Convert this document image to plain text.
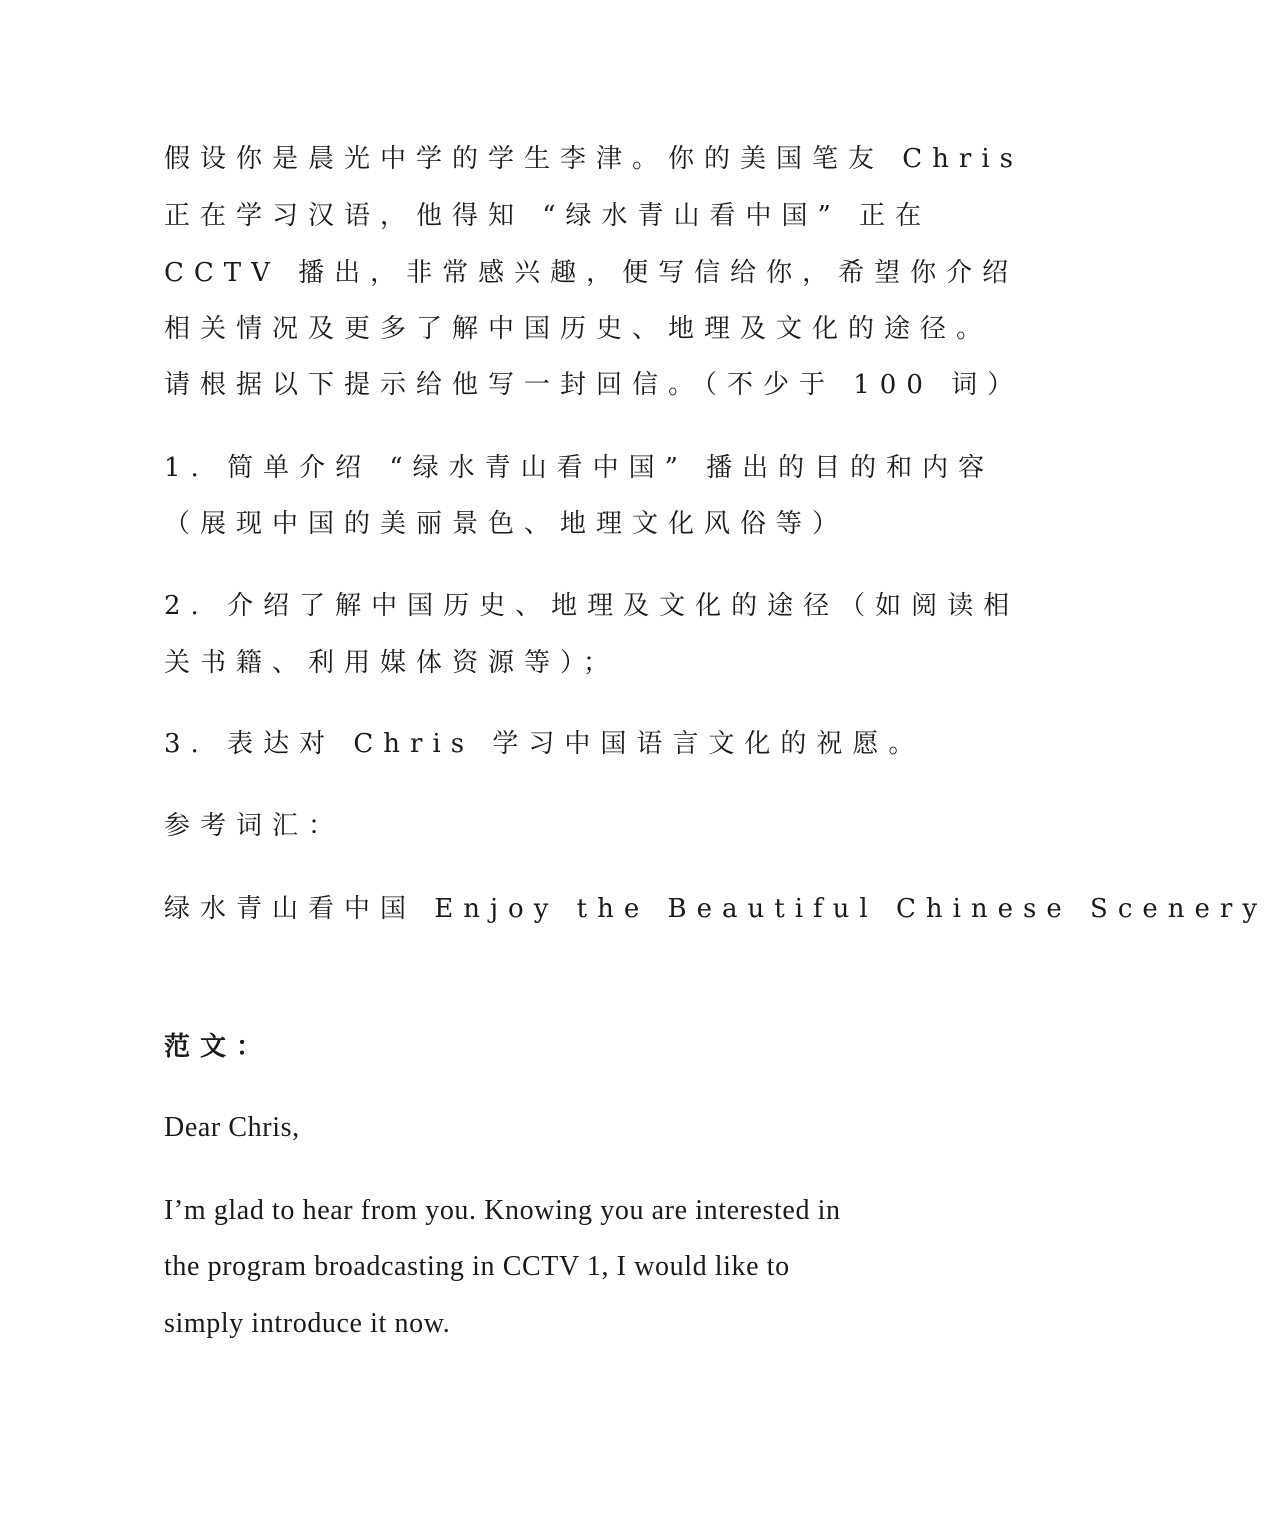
假设你是晨光中学的学生李津。你的美国笔友 Chris
正在学习汉语，他得知 “绿水青山看中国” 正在
CCTV 播出，非常感兴趣，便写信给你，希望你介绍
相关情况及更多了解中国历史、地理及文化的途径。
请根据以下提示给他写一封回信。（不少于 100 词）
1. 简单介绍 “绿水青山看中国” 播出的目的和内容
（展现中国的美丽景色、地理文化风俗等）
2. 介绍了解中国历史、地理及文化的途径（如阅读相
关书籍、利用媒体资源等）；
3. 表达对 Chris 学习中国语言文化的祝愿。
参考词汇：
绿水青山看中国 Enjoy the Beautiful Chinese Scenery
范文：
Dear Chris,
I’m glad to hear from you. Knowing you are interested in
the program broadcasting in CCTV 1, I would like to
simply introduce it now.
